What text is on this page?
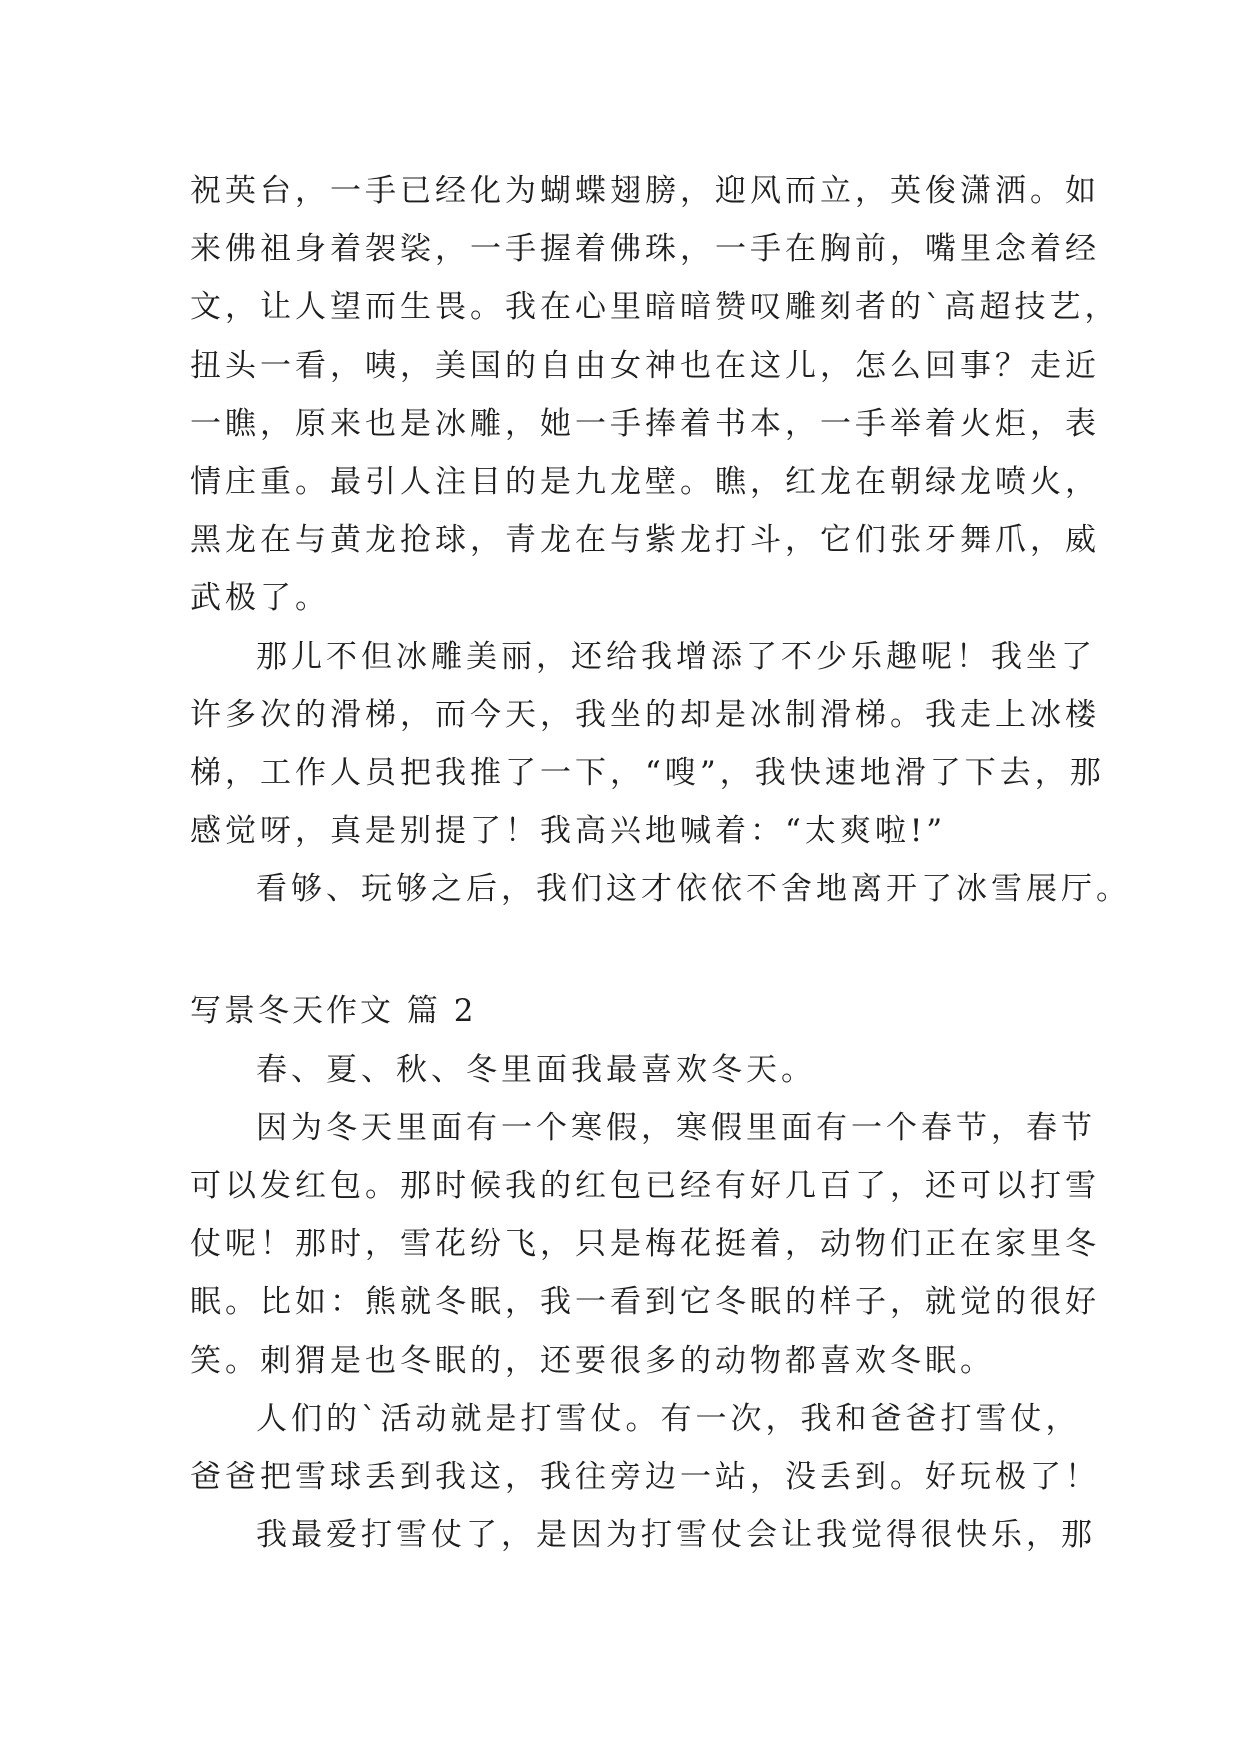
祝英台，一手已经化为蝴蝶翅膀，迎风而立，英俊潇洒。如
来佛祖身着袈裟，一手握着佛珠，一手在胸前，嘴里念着经
文，让人望而生畏。我在心里暗暗赞叹雕刻者的`高超技艺，
扭头一看，咦，美国的自由女神也在这儿，怎么回事？走近
一瞧，原来也是冰雕，她一手捧着书本，一手举着火炬，表
情庄重。最引人注目的是九龙壁。瞧，红龙在朝绿龙喷火，
黑龙在与黄龙抢球，青龙在与紫龙打斗，它们张牙舞爪，威
武极了。
那儿不但冰雕美丽，还给我增添了不少乐趣呢！我坐了
许多次的滑梯，而今天，我坐的却是冰制滑梯。我走上冰楼
梯，工作人员把我推了一下，“嗖”，我快速地滑了下去，那
感觉呀，真是别提了！我高兴地喊着：“太爽啦!”
看够、玩够之后，我们这才依依不舍地离开了冰雪展厅。
写景冬天作文 篇 2
春、夏、秋、冬里面我最喜欢冬天。
因为冬天里面有一个寒假，寒假里面有一个春节，春节
可以发红包。那时候我的红包已经有好几百了，还可以打雪
仗呢！那时，雪花纷飞，只是梅花挺着，动物们正在家里冬
眠。比如：熊就冬眠，我一看到它冬眠的样子，就觉的很好
笑。刺猬是也冬眠的，还要很多的动物都喜欢冬眠。
人们的`活动就是打雪仗。有一次，我和爸爸打雪仗，
爸爸把雪球丢到我这，我往旁边一站，没丢到。好玩极了！
我最爱打雪仗了，是因为打雪仗会让我觉得很快乐，那
